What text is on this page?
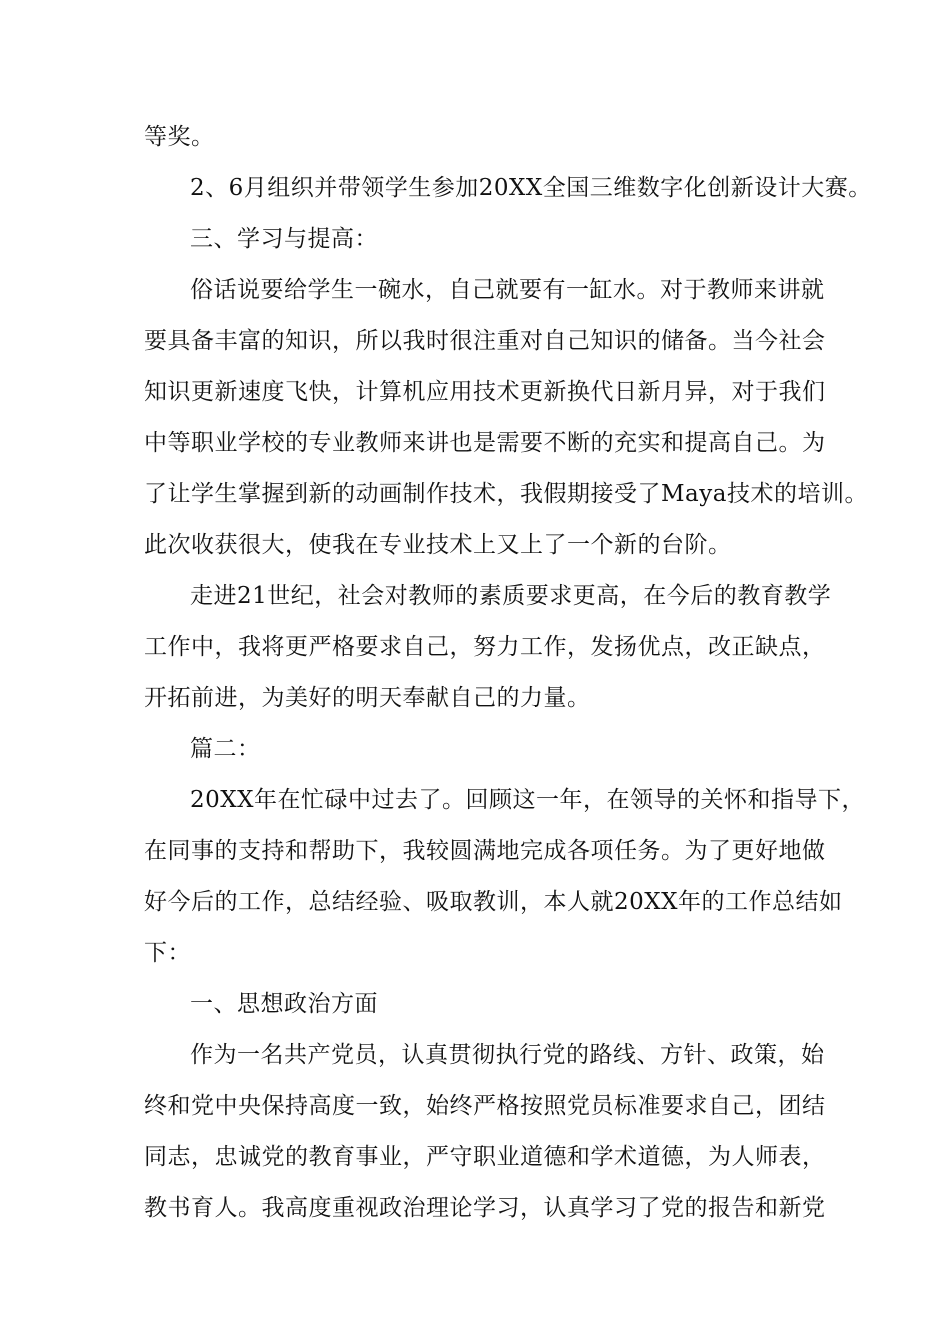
等奖。
2、6月组织并带领学生参加20XX全国三维数字化创新设计大赛。
三、学习与提高：
俗话说要给学生一碗水，自己就要有一缸水。对于教师来讲就
要具备丰富的知识，所以我时很注重对自己知识的储备。当今社会
知识更新速度飞快，计算机应用技术更新换代日新月异，对于我们
中等职业学校的专业教师来讲也是需要不断的充实和提高自己。为
了让学生掌握到新的动画制作技术，我假期接受了Maya技术的培训。
此次收获很大，使我在专业技术上又上了一个新的台阶。
走进21世纪，社会对教师的素质要求更高，在今后的教育教学
工作中，我将更严格要求自己，努力工作，发扬优点，改正缺点，
开拓前进，为美好的明天奉献自己的力量。
篇二：
20XX年在忙碌中过去了。回顾这一年，在领导的关怀和指导下，
在同事的支持和帮助下，我较圆满地完成各项任务。为了更好地做
好今后的工作，总结经验、吸取教训，本人就20XX年的工作总结如
下：
一、思想政治方面
作为一名共产党员，认真贯彻执行党的路线、方针、政策，始
终和党中央保持高度一致，始终严格按照党员标准要求自己，团结
同志，忠诚党的教育事业，严守职业道德和学术道德，为人师表，
教书育人。我高度重视政治理论学习，认真学习了党的报告和新党
